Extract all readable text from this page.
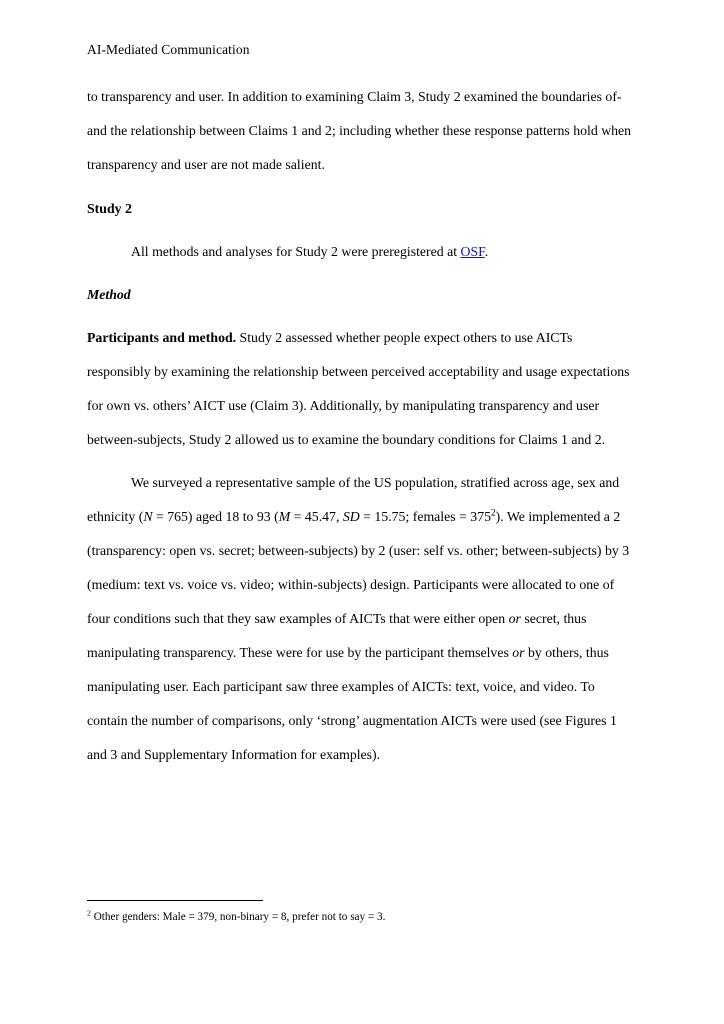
AI-Mediated Communication

to transparency and user. In addition to examining Claim 3, Study 2 examined the boundaries of- and the relationship between Claims 1 and 2; including whether these response patterns hold when transparency and user are not made salient.

Study 2

All methods and analyses for Study 2 were preregistered at OSF.

Method

Participants and method. Study 2 assessed whether people expect others to use AICTs responsibly by examining the relationship between perceived acceptability and usage expectations for own vs. others’ AICT use (Claim 3). Additionally, by manipulating transparency and user between-subjects, Study 2 allowed us to examine the boundary conditions for Claims 1 and 2.

We surveyed a representative sample of the US population, stratified across age, sex and ethnicity (N = 765) aged 18 to 93 (M = 45.47, SD = 15.75; females = 375$^2$). We implemented a 2 (transparency: open vs. secret; between-subjects) by 2 (user: self vs. other; between-subjects) by 3 (medium: text vs. voice vs. video; within-subjects) design. Participants were allocated to one of four conditions such that they saw examples of AICTs that were either open or secret, thus manipulating transparency. These were for use by the participant themselves or by others, thus manipulating user. Each participant saw three examples of AICTs: text, voice, and video. To contain the number of comparisons, only ‘strong’ augmentation AICTs were used (see Figures 1 and 3 and Supplementary Information for examples).

$^2$ Other genders: Male = 379, non-binary = 8, prefer not to say = 3.
